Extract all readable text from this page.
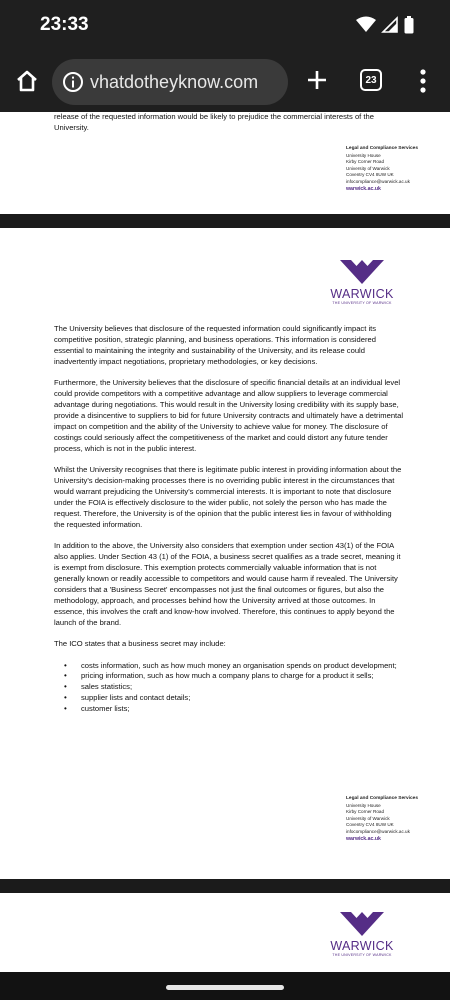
23:33
vhatdotheyknow.com	23
release of the requested information would be likely to prejudice the commercial interests of the University.
Legal and Compliance Services
University House
Kirby Corner Road
University of Warwick
Coventry CV4 8UW UK
infocompliance@warwick.ac.uk
warwick.ac.uk
WARWICK
THE UNIVERSITY OF WARWICK

The University believes that disclosure of the requested information could significantly impact its competitive position, strategic planning, and business operations. This information is considered essential to maintaining the integrity and sustainability of the University, and its release could inadvertently impact negotiations, proprietary methodologies, or key decisions.

Furthermore, the University believes that the disclosure of specific financial details at an individual level could provide competitors with a competitive advantage and allow suppliers to leverage commercial advantage during negotiations. This would result in the University losing credibility with its supply base, provide a disincentive to suppliers to bid for future University contracts and ultimately have a detrimental impact on competition and the ability of the University to achieve value for money. The disclosure of costings could seriously affect the competitiveness of the market and could distort any future tender process, which is not in the public interest.

Whilst the University recognises that there is legitimate public interest in providing information about the University's decision-making processes there is no overriding public interest in the circumstances that would warrant prejudicing the University's commercial interests. It is important to note that disclosure under the FOIA is effectively disclosure to the wider public, not solely the person who has made the request. Therefore, the University is of the opinion that the public interest lies in favour of withholding the requested information.

In addition to the above, the University also considers that exemption under section 43(1) of the FOIA also applies. Under Section 43 (1) of the FOIA, a business secret qualifies as a trade secret, meaning it is exempt from disclosure. This exemption protects commercially valuable information that is not generally known or readily accessible to competitors and would cause harm if revealed. The University considers that a 'Business Secret' encompasses not just the final outcomes or figures, but also the methodology, approach, and processes behind how the University arrived at those outcomes. In essence, this involves the craft and know-how involved. Therefore, this continues to apply beyond the launch of the brand.

The ICO states that a business secret may include:

• costs information, such as how much money an organisation spends on product development;
• pricing information, such as how much a company plans to charge for a product it sells;
• sales statistics;
• supplier lists and contact details;
• customer lists;
Legal and Compliance Services
University House
Kirby Corner Road
University of Warwick
Coventry CV4 8UW UK
infocompliance@warwick.ac.uk
warwick.ac.uk
WARWICK
THE UNIVERSITY OF WARWICK
•
